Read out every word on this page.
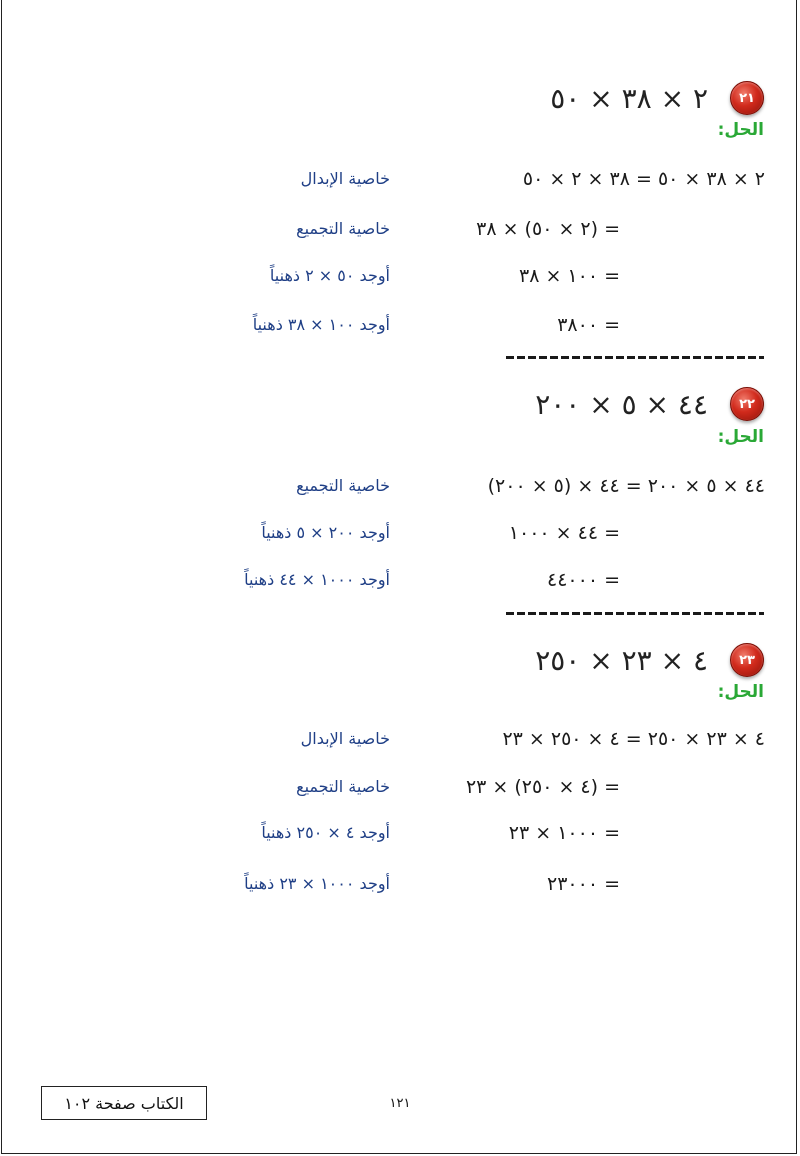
٢١
٢ × ٣٨ × ٥٠
الحل:
٢ × ٣٨ × ٥٠ = ٣٨ × ٢ × ٥٠
خاصية الإبدال
= (٢ × ٥٠) × ٣٨
خاصية التجميع
= ١٠٠ × ٣٨
أوجد ٥٠ × ٢ ذهنياً
= ٣٨٠٠
أوجد ١٠٠ × ٣٨ ذهنياً
٢٢
٤٤ × ٥ × ٢٠٠
الحل:
٤٤ × ٥ × ٢٠٠ = ٤٤ × (٥ × ٢٠٠)
خاصية التجميع
= ٤٤ × ١٠٠٠
أوجد ٢٠٠ × ٥ ذهنياً
= ٤٤٠٠٠
أوجد ١٠٠٠ × ٤٤ ذهنياً
٢٣
٤ × ٢٣ × ٢٥٠
الحل:
٤ × ٢٣ × ٢٥٠ = ٤ × ٢٥٠ × ٢٣
خاصية الإبدال
= (٤ × ٢٥٠) × ٢٣
خاصية التجميع
= ١٠٠٠ × ٢٣
أوجد ٤ × ٢٥٠ ذهنياً
= ٢٣٠٠٠
أوجد ١٠٠٠ × ٢٣ ذهنياً
الكتاب صفحة ١٠٢	١٢١
